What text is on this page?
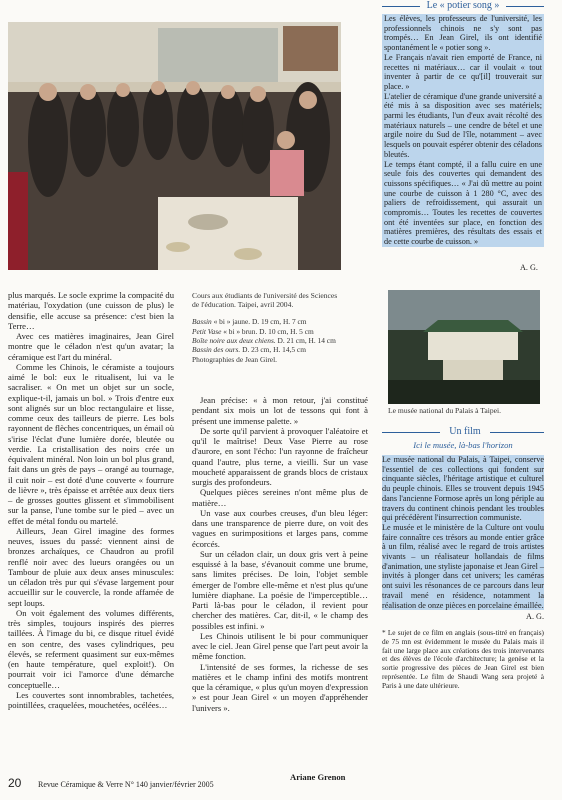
plus marqués. Le socle exprime la compacité du matériau, l'oxydation (une cuisson de plus) le densifie, elle accuse sa présence: c'est bien la Terre…

Avec ces matières imaginaires, Jean Girel montre que le céladon n'est qu'un avatar; la céramique est l'art du minéral.

Comme les Chinois, le céramiste a toujours aimé le bol: eux le ritualisent, lui va le sacraliser. « On met un objet sur un socle, explique-t-il, jamais un bol. » Trois d'entre eux sont alignés sur un bloc rectangulaire et lisse, comme ceux des tailleurs de pierre. Les bols rayonnent de flèches concentriques, un émail où s'irise l'éclat d'une lumière dorée, bleutée ou verdie. La cristallisation des noirs crée un équivalent minéral. Non loin un bol plus grand, fait dans un grès de pays – orangé au tournage, il cuit noir – est doté d'une couverte « fourrure de lièvre », très épaisse et arrêtée aux deux tiers – de grosses gouttes glissent et s'immobilisent sur la panse, l'une tombe sur le pied – avec un effet de métal fondu ou martelé.

Ailleurs, Jean Girel imagine des formes neuves, issues du passé: viennent ainsi de bronzes archaïques, ce Chaudron au profil renflé noir avec des lueurs orangées ou un Tambour de pluie aux deux anses minuscules: un céladon très pur qui s'évase largement pour accueillir sur le couvercle, la ronde affamée de sept loups.

On voit également des volumes différents, très simples, toujours inspirés des pierres taillées. À l'image du bi, ce disque rituel évidé en son centre, des vases cylindriques, peu élevés, se referment quasiment sur eux-mêmes (en haute température, quel exploit!). On pourrait voir ici l'amorce d'une démarche conceptuelle…

Les couvertes sont innombrables, tachetées, pointillées, craquelées, mouchetées, océlées…

Cours aux étudiants de l'université des Sciences
de l'éducation. Taipei, avril 2004.
Bassin « bi » jaune. D. 19 cm, H. 7 cm
Petit Vase « bi » brun. D. 10 cm, H. 5 cm
Boîte noire aux deux chiens. D. 21 cm, H. 14 cm
Bassin des ours. D. 23 cm, H. 14,5 cm
Photographies de Jean Girel.

Jean précise: « à mon retour, j'ai constitué pendant six mois un lot de tessons qui font à présent une immense palette. »

De sorte qu'il parvient à provoquer l'aléatoire et qu'il le maîtrise! Deux Vase Pierre au rose d'aurore, en sont l'écho: l'un rayonne de fraîcheur quand l'autre, plus terne, a vieilli. Sur un vase moucheté apparaissent de grands blocs de cristaux surgis des profondeurs.

Quelques pièces sereines n'ont même plus de matière…

Un vase aux courbes creuses, d'un bleu léger: dans une transparence de pierre dure, on voit des vagues en surimpositions et larges pans, comme écorcés.

Sur un céladon clair, un doux gris vert à peine esquissé à la base, s'évanouit comme une brume, sans limites précises. De loin, l'objet semble émerger de l'ombre elle-même et n'est plus qu'une lumière diaphane. La poésie de l'imperceptible… Parti là-bas pour le céladon, il revient pour chercher des matières. Car, dit-il, « le champ des possibles est infini. »

Les Chinois utilisent le bi pour communiquer avec le ciel. Jean Girel pense que l'art peut avoir la même fonction.

L'intensité de ses formes, la richesse de ses matières et le champ infini des motifs montrent que la céramique, « plus qu'un moyen d'expression » est pour Jean Girel « un moyen d'appréhender l'univers ».

Ariane Grenon
Le « potier song »

Les élèves, les professeurs de l'université, les professionnels chinois ne s'y sont pas trompés… En Jean Girel, ils ont identifié spontanément le « potier song ».

Le Français n'avait rien emporté de France, ni recettes ni matériaux… car il voulait « tout inventer à partir de ce qu'[il] trouverait sur place. »

L'atelier de céramique d'une grande université a été mis à sa disposition avec ses matériels; parmi les étudiants, l'un d'eux avait récolté des matériaux naturels – une cendre de bétel et une argile noire du Sud de l'île, notamment – avec lesquels on pouvait espérer obtenir des céladons bleutés.

Le temps étant compté, il a fallu cuire en une seule fois des couvertes qui demandent des cuissons spécifiques… « J'ai dû mettre au point une courbe de cuisson à 1 280 °C, avec des paliers de refroidissement, qui assurait un compromis… Toutes les recettes de couvertes ont été inventées sur place, en fonction des matières premières, des résultats des essais et de cette courbe de cuisson. »

A. G.
Le musée national du Palais à Taipei.
Un film
Ici le musée, là-bas l'horizon

Le musée national du Palais, à Taipei, conserve l'essentiel de ces collections qui fondent sur cinquante siècles, l'héritage artistique et culturel du peuple chinois. Elles se trouvent depuis 1945 dans l'ancienne Formose après un long périple au travers du continent chinois pendant les troubles qui précédèrent l'insurrection communiste.

Le musée et le ministère de la Culture ont voulu faire connaître ces trésors au monde entier grâce à un film, réalisé avec le regard de trois artistes vivants – un réalisateur hollandais de films d'animation, une styliste japonaise et Jean Girel – invités à plonger dans cet univers; les caméras ont suivi les résonances de ce parcours dans leur travail mené en résidence, notamment la réalisation de onze pièces en porcelaine émaillée.

A. G.

* Le sujet de ce film en anglais (sous-titré en français) de 75 mn est évidemment le musée du Palais mais il fait une large place aux créations des trois intervenants et des élèves de l'école d'architecture; la genèse et la sortie progressive des pièces de Jean Girel est bien représentée. Le film de Shaudi Wang sera projeté à Paris à une date ultérieure.

20 Revue Céramique & Verre N° 140 janvier/février 2005
